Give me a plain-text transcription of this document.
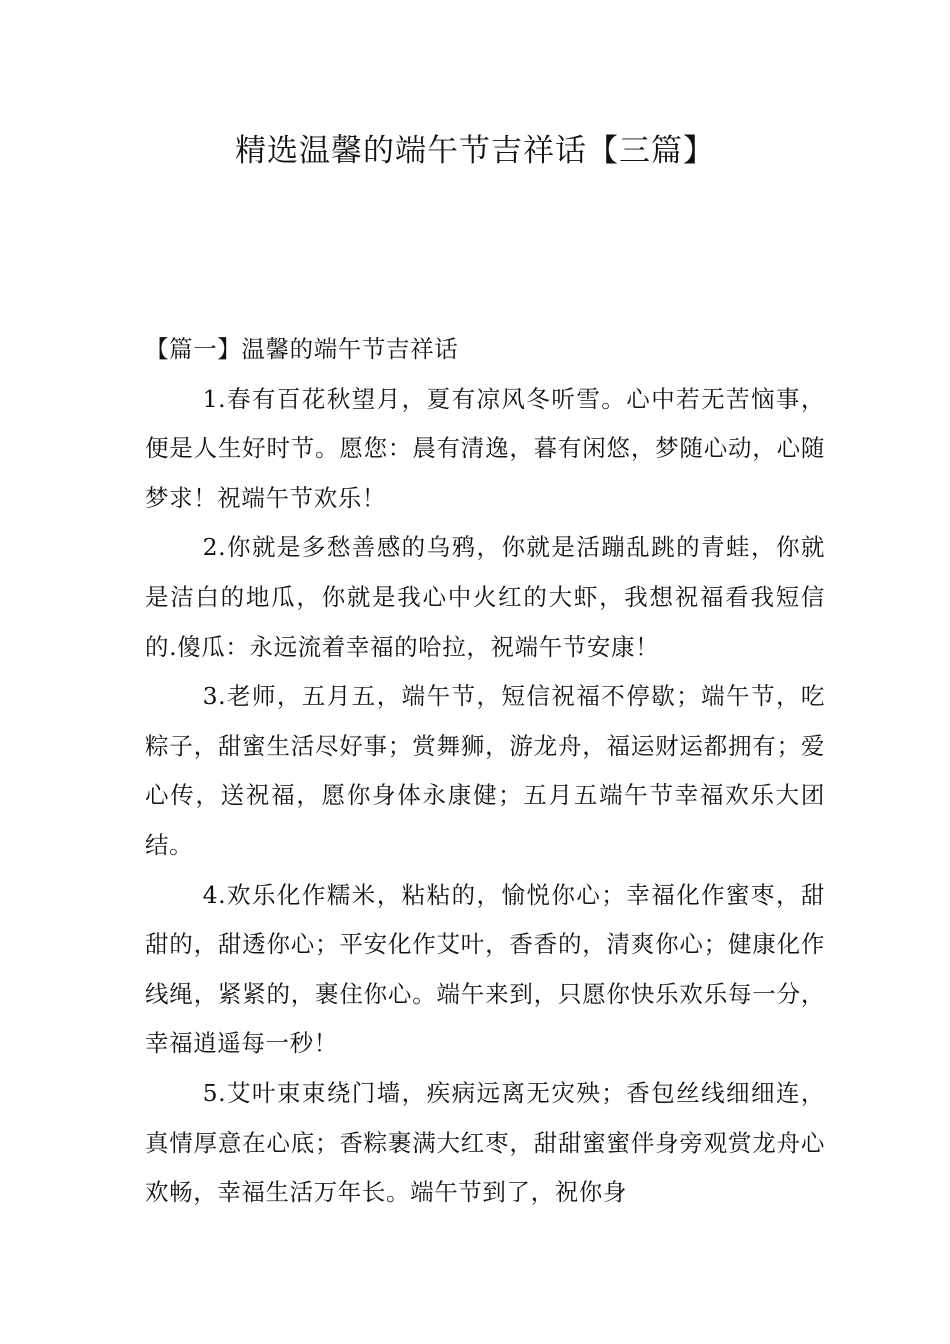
精选温馨的端午节吉祥话【三篇】

【篇一】温馨的端午节吉祥话

1.春有百花秋望月，夏有凉风冬听雪。心中若无苦恼事，便是人生好时节。愿您：晨有清逸，暮有闲悠，梦随心动，心随梦求！祝端午节欢乐！

2.你就是多愁善感的乌鸦，你就是活蹦乱跳的青蛙，你就是洁白的地瓜，你就是我心中火红的大虾，我想祝福看我短信的.傻瓜：永远流着幸福的哈拉，祝端午节安康！

3.老师，五月五，端午节，短信祝福不停歇；端午节，吃粽子，甜蜜生活尽好事；赏舞狮，游龙舟，福运财运都拥有；爱心传，送祝福，愿你身体永康健；五月五端午节幸福欢乐大团结。

4.欢乐化作糯米，粘粘的，愉悦你心；幸福化作蜜枣，甜甜的，甜透你心；平安化作艾叶，香香的，清爽你心；健康化作线绳，紧紧的，裹住你心。端午来到，只愿你快乐欢乐每一分，幸福逍遥每一秒！

5.艾叶束束绕门墙，疾病远离无灾殃；香包丝线细细连，真情厚意在心底；香粽裹满大红枣，甜甜蜜蜜伴身旁观赏龙舟心欢畅，幸福生活万年长。端午节到了，祝你身
